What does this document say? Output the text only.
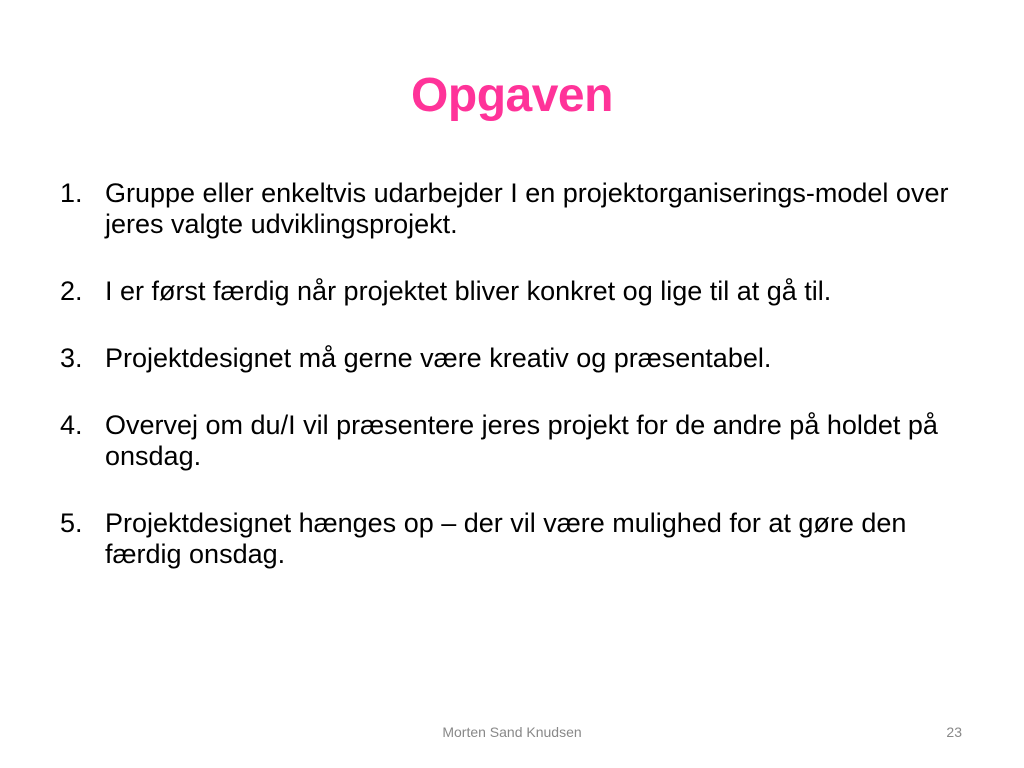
Opgaven
1. Gruppe eller enkeltvis udarbejder I en projektorganiserings-model over jeres valgte udviklingsprojekt.
2. I er først færdig når projektet bliver konkret og lige til at gå til.
3. Projektdesignet må gerne være kreativ og præsentabel.
4. Overvej om du/I vil præsentere jeres projekt for de andre på holdet på onsdag.
5. Projektdesignet hænges op – der vil være mulighed for at gøre den færdig onsdag.
Morten Sand Knudsen	23
